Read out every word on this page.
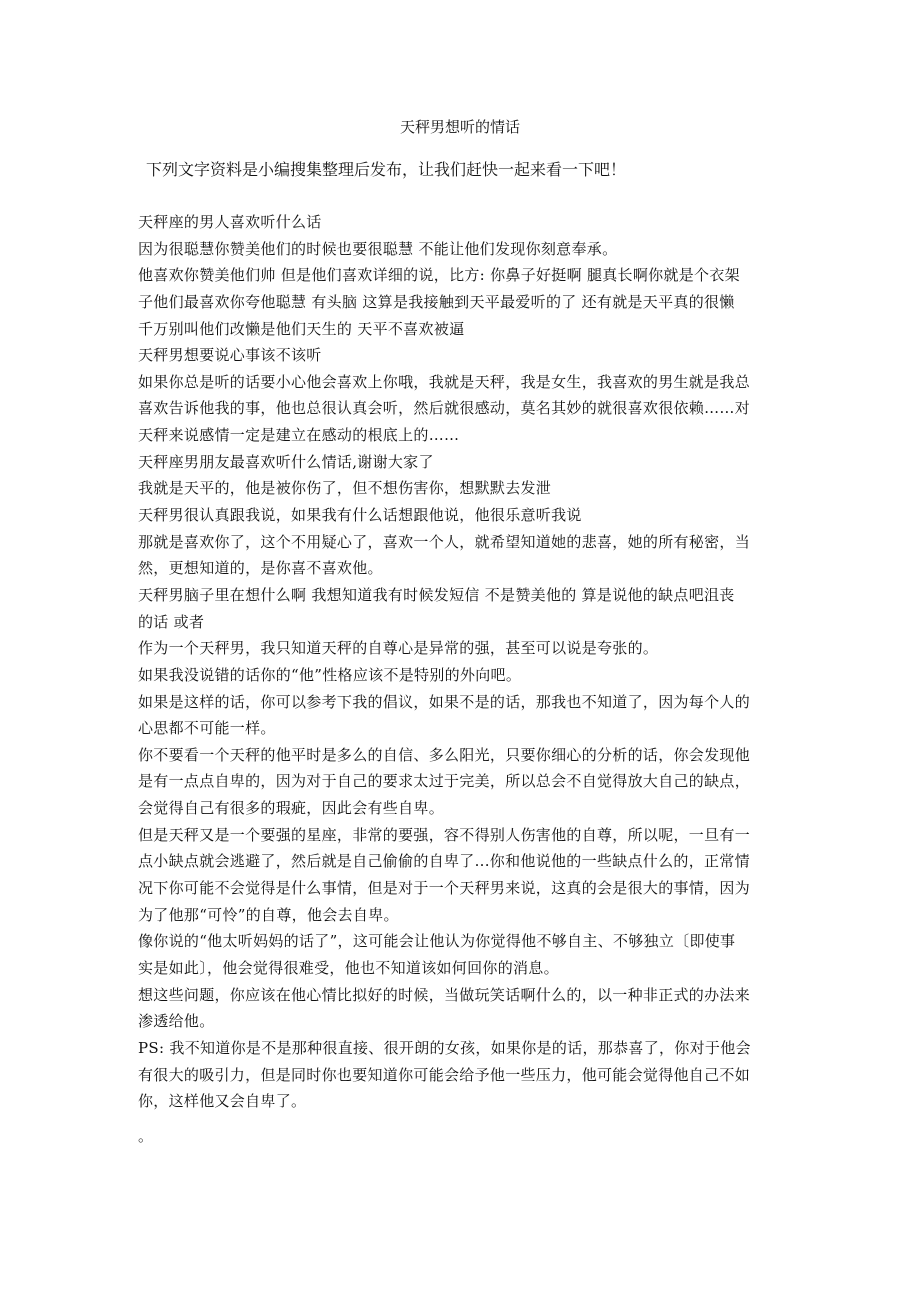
天秤男想听的情话
下列文字资料是小编搜集整理后发布，让我们赶快一起来看一下吧！
天秤座的男人喜欢听什么话
因为很聪慧你赞美他们的时候也要很聪慧 不能让他们发现你刻意奉承。
他喜欢你赞美他们帅 但是他们喜欢详细的说，比方: 你鼻子好挺啊 腿真长啊你就是个衣架
子他们最喜欢你夸他聪慧 有头脑 这算是我接触到天平最爱听的了 还有就是天平真的很懒
千万别叫他们改懒是他们天生的 天平不喜欢被逼
天秤男想要说心事该不该听
如果你总是听的话要小心他会喜欢上你哦，我就是天秤，我是女生，我喜欢的男生就是我总
喜欢告诉他我的事，他也总很认真会听，然后就很感动，莫名其妙的就很喜欢很依赖……对
天秤来说感情一定是建立在感动的根底上的……
天秤座男朋友最喜欢听什么情话,谢谢大家了
我就是天平的，他是被你伤了，但不想伤害你，想默默去发泄
天秤男很认真跟我说，如果我有什么话想跟他说，他很乐意听我说
那就是喜欢你了，这个不用疑心了，喜欢一个人，就希望知道她的悲喜，她的所有秘密，当
然，更想知道的，是你喜不喜欢他。
天秤男脑子里在想什么啊 我想知道我有时候发短信 不是赞美他的 算是说他的缺点吧沮丧
的话 或者
作为一个天秤男，我只知道天秤的自尊心是异常的强，甚至可以说是夸张的。
如果我没说错的话你的“他”性格应该不是特别的外向吧。
如果是这样的话，你可以参考下我的倡议，如果不是的话，那我也不知道了，因为每个人的
心思都不可能一样。
你不要看一个天秤的他平时是多么的自信、多么阳光，只要你细心的分析的话，你会发现他
是有一点点自卑的，因为对于自己的要求太过于完美，所以总会不自觉得放大自己的缺点，
会觉得自己有很多的瑕疵，因此会有些自卑。
但是天秤又是一个要强的星座，非常的要强，容不得别人伤害他的自尊，所以呢，一旦有一
点小缺点就会逃避了，然后就是自己偷偷的自卑了...你和他说他的一些缺点什么的，正常情
况下你可能不会觉得是什么事情，但是对于一个天秤男来说，这真的会是很大的事情，因为
为了他那“可怜”的自尊，他会去自卑。
像你说的“他太听妈妈的话了”，这可能会让他认为你觉得他不够自主、不够独立〔即使事
实是如此〕，他会觉得很难受，他也不知道该如何回你的消息。
想这些问题，你应该在他心情比拟好的时候，当做玩笑话啊什么的，以一种非正式的办法来
渗透给他。
PS: 我不知道你是不是那种很直接、很开朗的女孩，如果你是的话，那恭喜了，你对于他会
有很大的吸引力，但是同时你也要知道你可能会给予他一些压力，他可能会觉得他自己不如
你，这样他又会自卑了。
。
